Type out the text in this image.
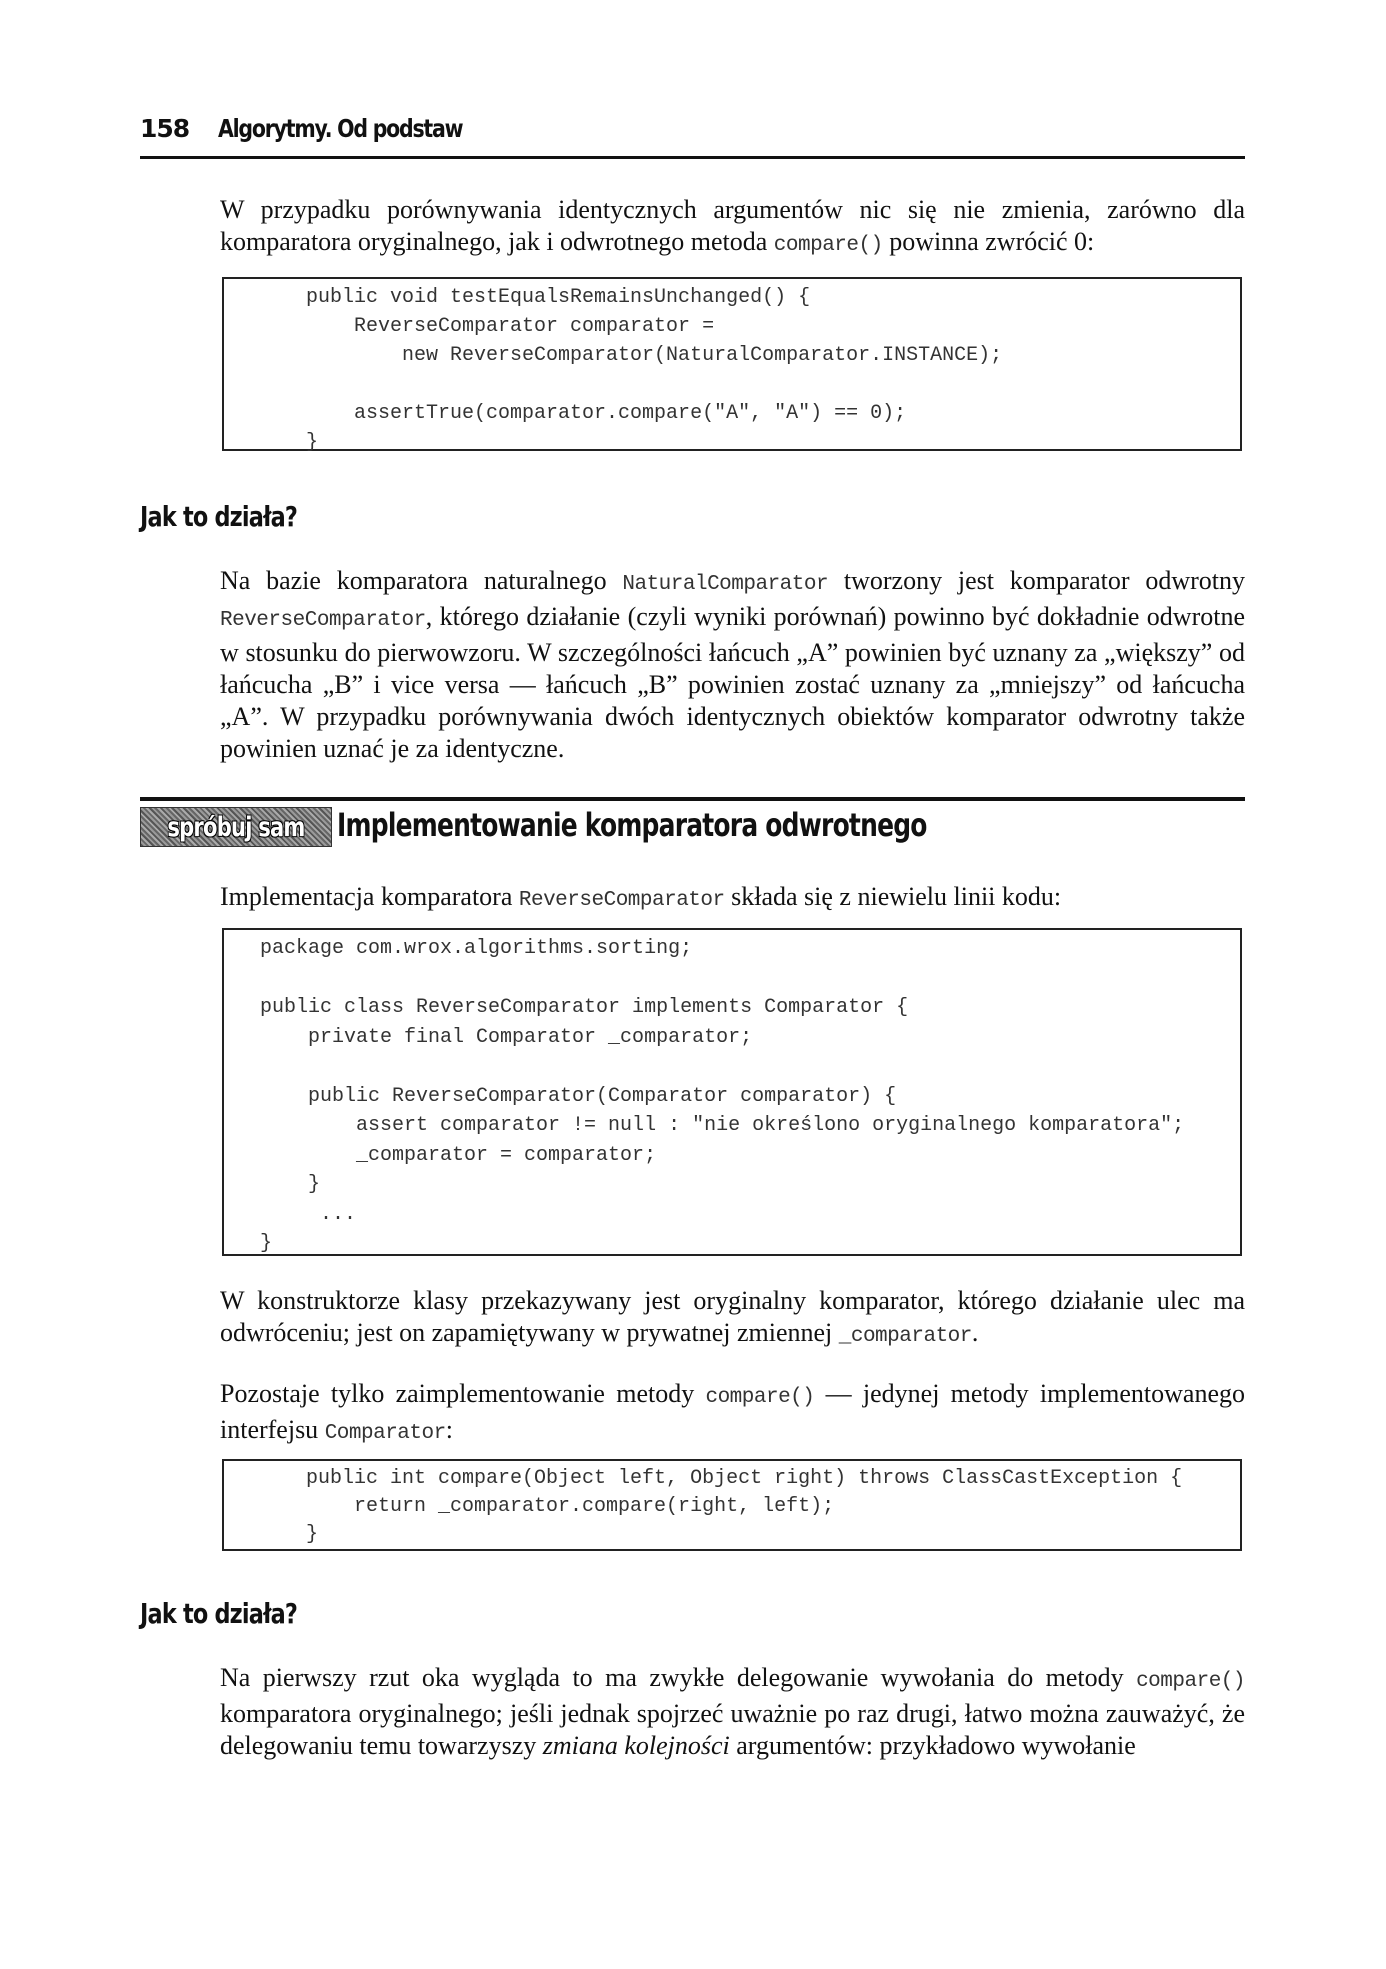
158 Algorytmy. Od podstaw

W przypadku porównywania identycznych argumentów nic się nie zmienia, zarówno dla komparatora oryginalnego, jak i odwrotnego metoda compare() powinna zwrócić 0:

public void testEqualsRemainsUnchanged() {
ReverseComparator comparator =
new ReverseComparator(NaturalComparator.INSTANCE);

assertTrue(comparator.compare("A", "A") == 0);
}
Jak to działa?

Na bazie komparatora naturalnego NaturalComparator tworzony jest komparator odwrotny ReverseComparator, którego działanie (czyli wyniki porównań) powinno być dokładnie odwrotne w stosunku do pierwowzoru. W szczególności łańcuch „A” powinien być uznany za „większy” od łańcucha „B” i vice versa — łańcuch „B” powinien zostać uznany za „mniejszy” od łańcucha „A”. W przypadku porównywania dwóch identycznych obiektów komparator odwrotny także powinien uznać je za identyczne.

spróbuj sam Implementowanie komparatora odwrotnego

Implementacja komparatora ReverseComparator składa się z niewielu linii kodu:

package com.wrox.algorithms.sorting;

public class ReverseComparator implements Comparator {
private final Comparator _comparator;

public ReverseComparator(Comparator comparator) {
assert comparator != null : "nie określono oryginalnego komparatora";
_comparator = comparator;
}
...
}

W konstruktorze klasy przekazywany jest oryginalny komparator, którego działanie ulec ma odwróceniu; jest on zapamiętywany w prywatnej zmiennej _comparator.

Pozostaje tylko zaimplementowanie metody compare() — jedynej metody implementowanego interfejsu Comparator:

public int compare(Object left, Object right) throws ClassCastException {
return _comparator.compare(right, left);
}
Jak to działa?

Na pierwszy rzut oka wygląda to ma zwykłe delegowanie wywołania do metody compare() komparatora oryginalnego; jeśli jednak spojrzeć uważnie po raz drugi, łatwo można zauważyć, że delegowaniu temu towarzyszy zmiana kolejności argumentów: przykładowo wywołanie
